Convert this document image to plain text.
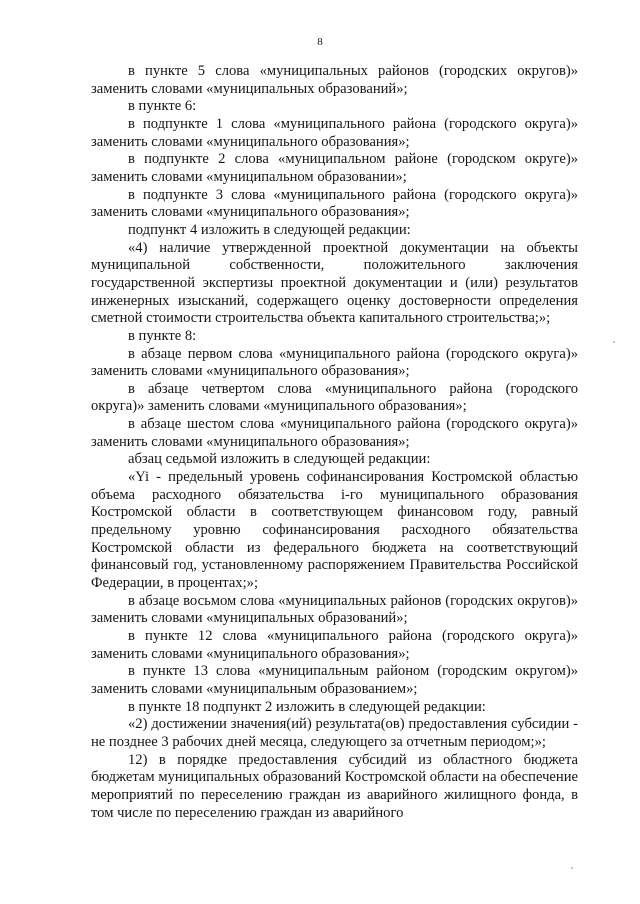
8

в пункте 5 слова «муниципальных районов (городских округов)» заменить словами «муниципальных образований»;

в пункте 6:

в подпункте 1 слова «муниципального района (городского округа)» заменить словами «муниципального образования»;

в подпункте 2 слова «муниципальном районе (городском округе)» заменить словами «муниципальном образовании»;

в подпункте 3 слова «муниципального района (городского округа)» заменить словами «муниципального образования»;

подпункт 4 изложить в следующей редакции:

«4) наличие утвержденной проектной документации на объекты муниципальной собственности, положительного заключения государственной экспертизы проектной документации и (или) результатов инженерных изысканий, содержащего оценку достоверности определения сметной стоимости строительства объекта капитального строительства;»;

в пункте 8:

в абзаце первом слова «муниципального района (городского округа)» заменить словами «муниципального образования»;

в абзаце четвертом слова «муниципального района (городского округа)» заменить словами «муниципального образования»;

в абзаце шестом слова «муниципального района (городского округа)» заменить словами «муниципального образования»;

абзац седьмой изложить в следующей редакции:

«Yi - предельный уровень софинансирования Костромской областью объема расходного обязательства i-го муниципального образования Костромской области в соответствующем финансовом году, равный предельному уровню софинансирования расходного обязательства Костромской области из федерального бюджета на соответствующий финансовый год, установленному распоряжением Правительства Российской Федерации, в процентах;»;

в абзаце восьмом слова «муниципальных районов (городских округов)» заменить словами «муниципальных образований»;

в пункте 12 слова «муниципального района (городского округа)» заменить словами «муниципального образования»;

в пункте 13 слова «муниципальным районом (городским округом)» заменить словами «муниципальным образованием»;

в пункте 18 подпункт 2 изложить в следующей редакции:

«2) достижении значения(ий) результата(ов) предоставления субсидии - не позднее 3 рабочих дней месяца, следующего за отчетным периодом;»;

12) в порядке предоставления субсидий из областного бюджета бюджетам муниципальных образований Костромской области на обеспечение мероприятий по переселению граждан из аварийного жилищного фонда, в том числе по переселению граждан из аварийного
